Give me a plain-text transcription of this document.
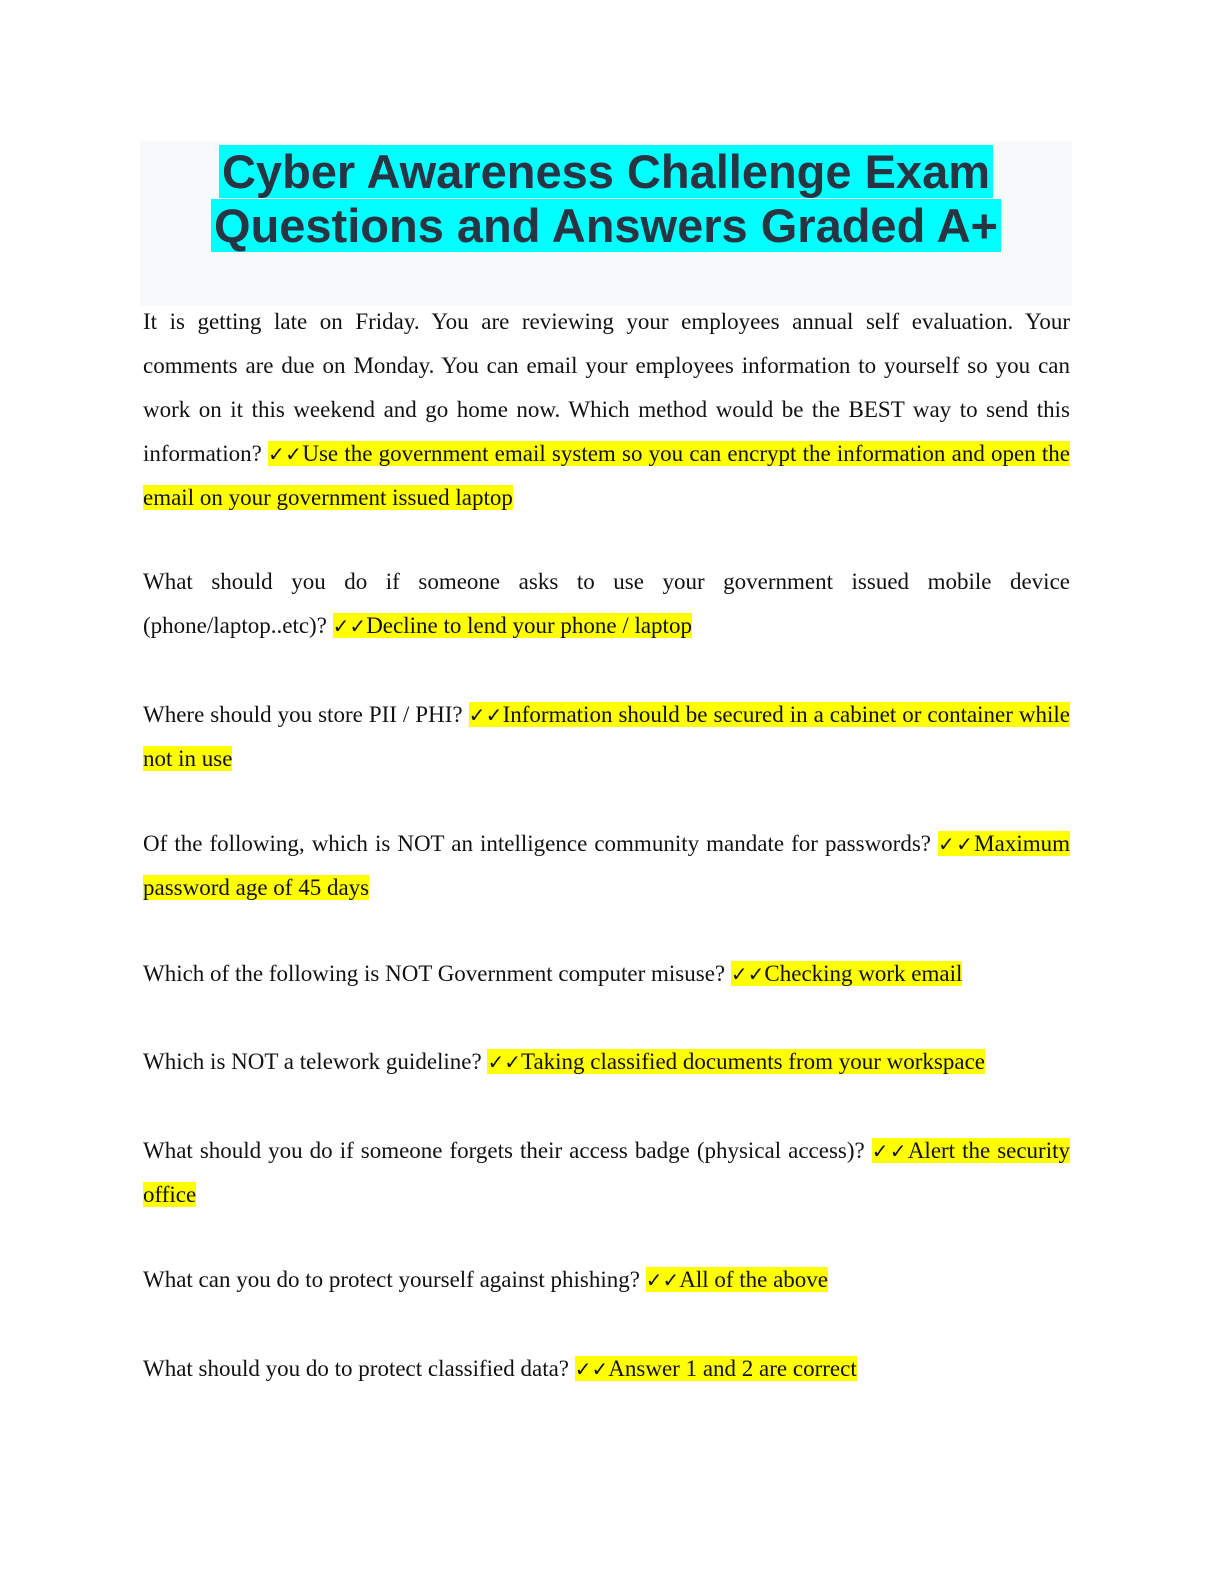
Cyber Awareness Challenge Exam Questions and Answers Graded A+

It is getting late on Friday. You are reviewing your employees annual self evaluation. Your comments are due on Monday. You can email your employees information to yourself so you can work on it this weekend and go home now. Which method would be the BEST way to send this information? ✓✓Use the government email system so you can encrypt the information and open the email on your government issued laptop

What should you do if someone asks to use your government issued mobile device (phone/laptop..etc)? ✓✓Decline to lend your phone / laptop

Where should you store PII / PHI? ✓✓Information should be secured in a cabinet or container while not in use

Of the following, which is NOT an intelligence community mandate for passwords? ✓✓Maximum password age of 45 days

Which of the following is NOT Government computer misuse? ✓✓Checking work email

Which is NOT a telework guideline? ✓✓Taking classified documents from your workspace

What should you do if someone forgets their access badge (physical access)? ✓✓Alert the security office

What can you do to protect yourself against phishing? ✓✓All of the above

What should you do to protect classified data? ✓✓Answer 1 and 2 are correct
